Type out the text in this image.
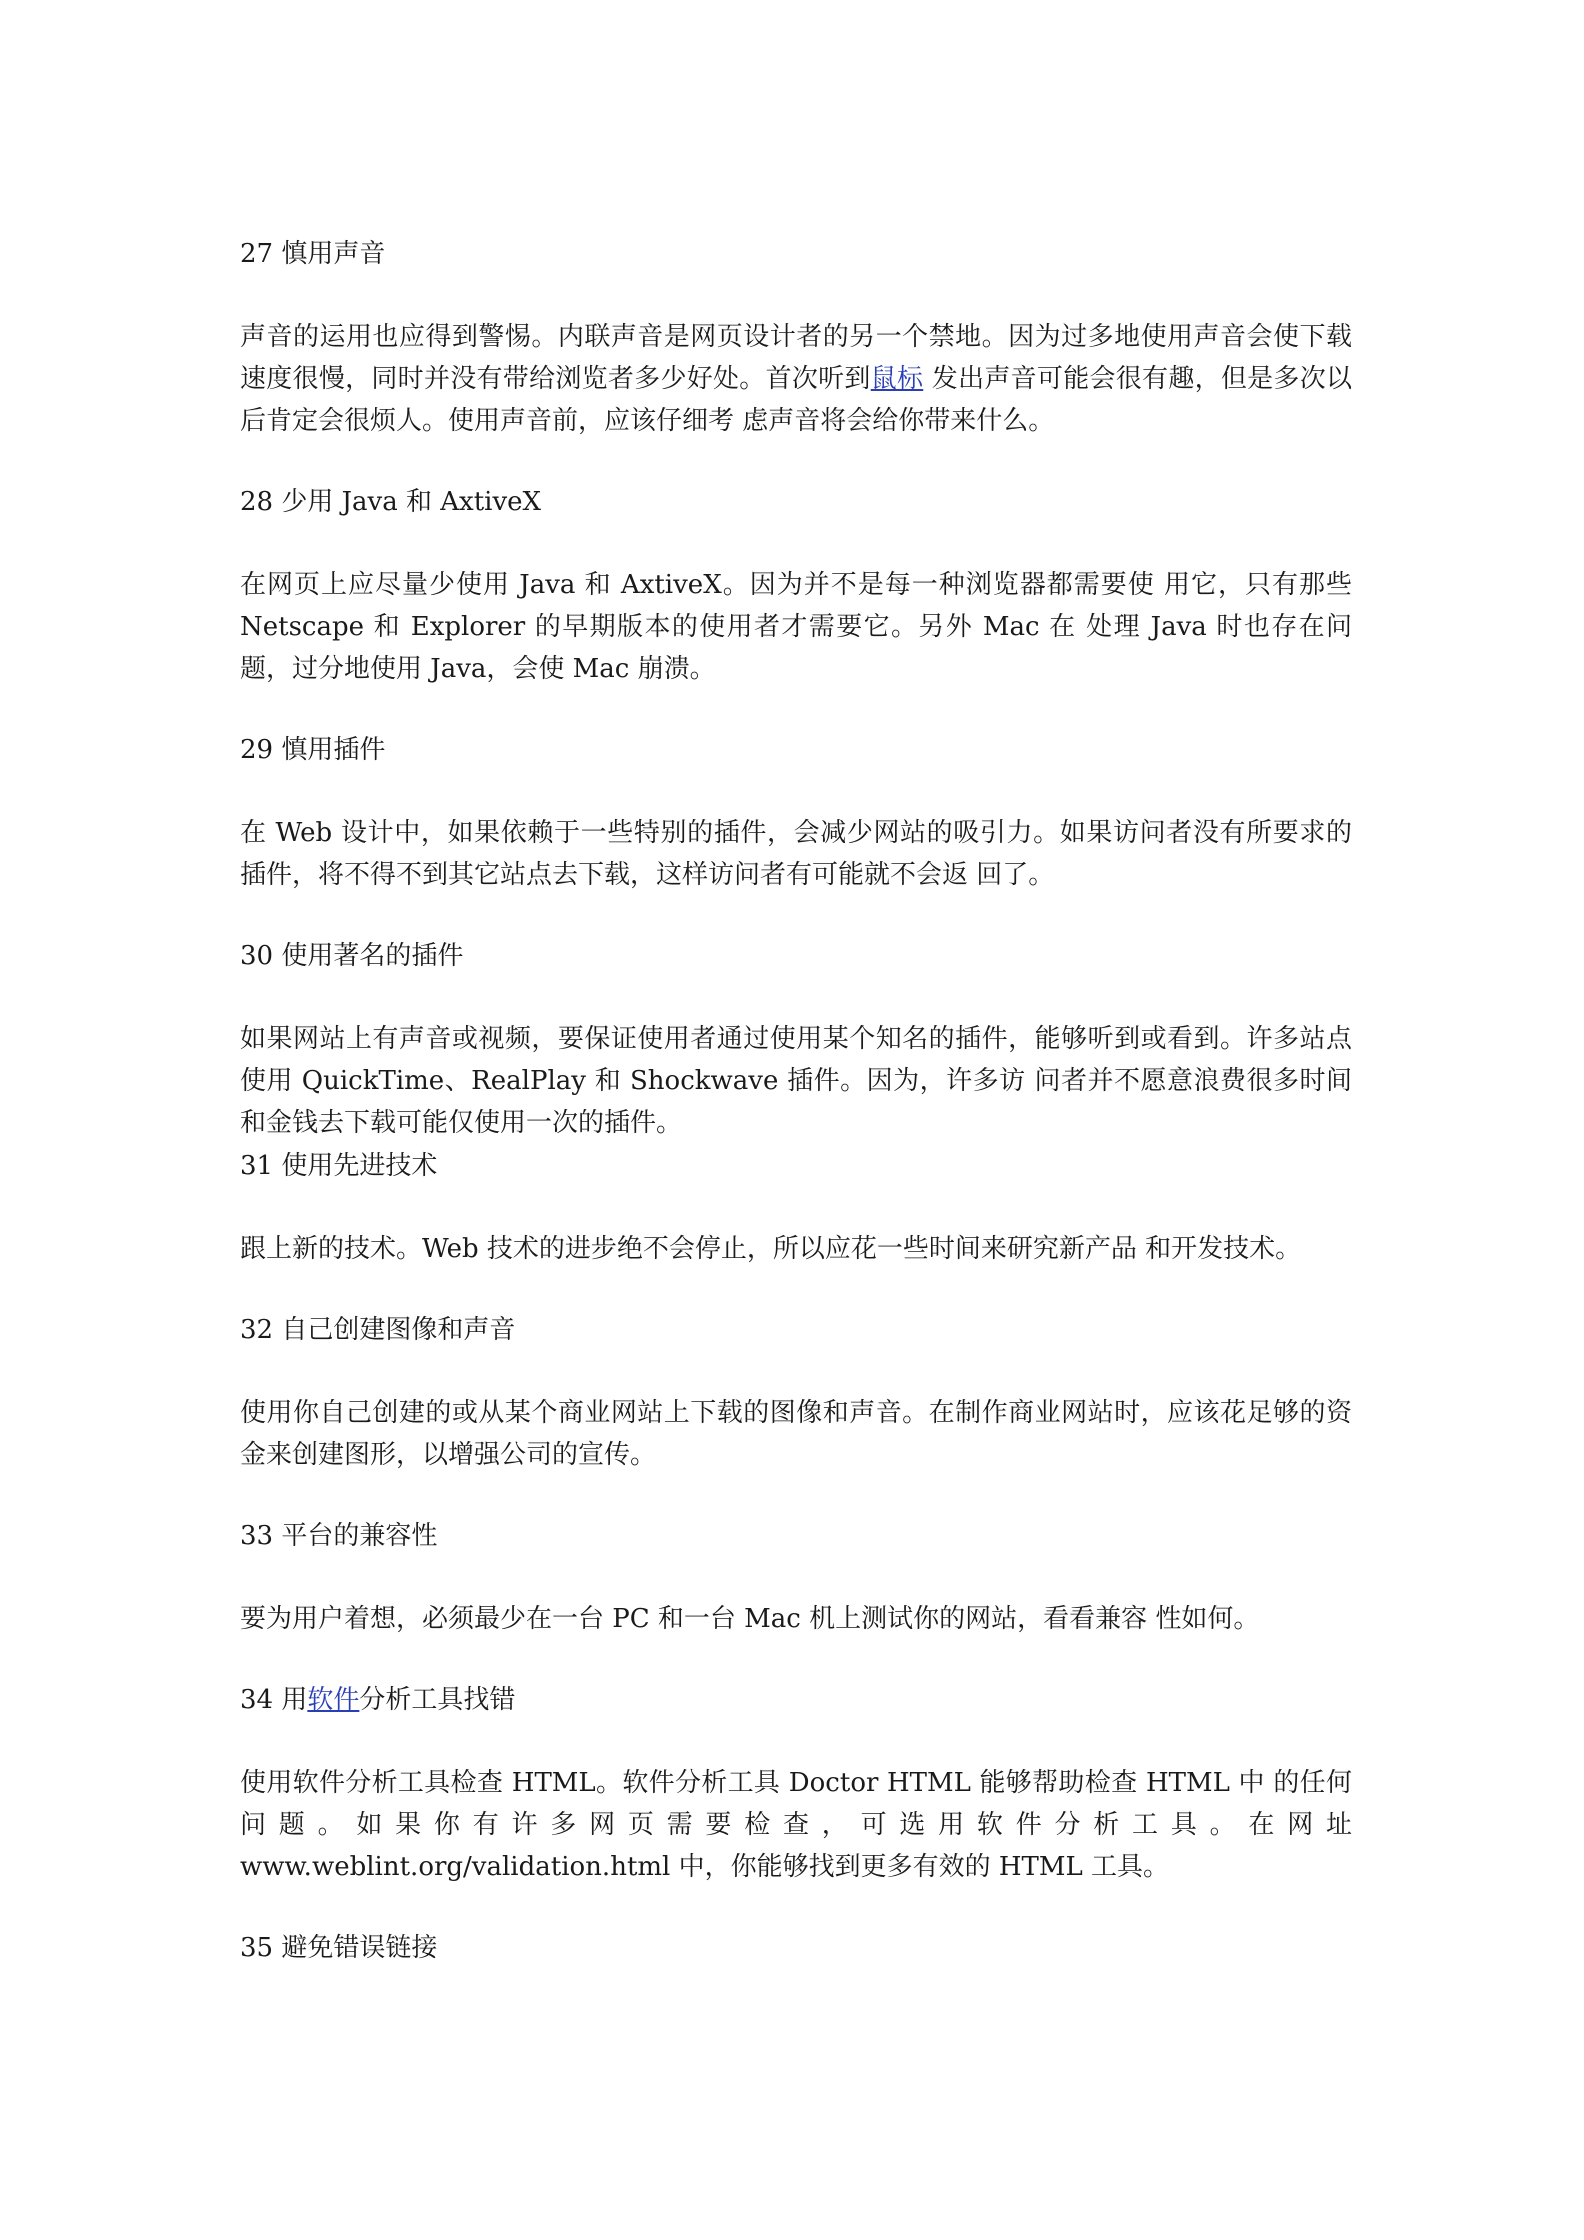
27 慎用声音

声音的运用也应得到警惕。内联声音是网页设计者的另一个禁地。因为过多地使用声音会使下载速度很慢，同时并没有带给浏览者多少好处。首次听到鼠标 发出声音可能会很有趣，但是多次以后肯定会很烦人。使用声音前，应该仔细考 虑声音将会给你带来什么。

28 少用 Java 和 AxtiveX

在网页上应尽量少使用 Java 和 AxtiveX。因为并不是每一种浏览器都需要使 用它，只有那些 Netscape 和 Explorer 的早期版本的使用者才需要它。另外 Mac 在 处理 Java 时也存在问题，过分地使用 Java，会使 Mac 崩溃。

29 慎用插件

在 Web 设计中，如果依赖于一些特别的插件，会减少网站的吸引力。如果访问者没有所要求的插件，将不得不到其它站点去下载，这样访问者有可能就不会返 回了。

30 使用著名的插件

如果网站上有声音或视频，要保证使用者通过使用某个知名的插件，能够听到或看到。许多站点使用 QuickTime、RealPlay 和 Shockwave 插件。因为，许多访 问者并不愿意浪费很多时间和金钱去下载可能仅使用一次的插件。

31 使用先进技术

跟上新的技术。Web 技术的进步绝不会停止，所以应花一些时间来研究新产品 和开发技术。

32 自己创建图像和声音

使用你自己创建的或从某个商业网站上下载的图像和声音。在制作商业网站时，应该花足够的资金来创建图形，以增强公司的宣传。

33 平台的兼容性

要为用户着想，必须最少在一台 PC 和一台 Mac 机上测试你的网站，看看兼容 性如何。

34 用软件分析工具找错

使用软件分析工具检查 HTML。软件分析工具 Doctor HTML 能够帮助检查 HTML 中 的任何问题。如果你有许多网页需要检查，可选用软件分析工具。在网址 www.weblint.org/validation.html 中，你能够找到更多有效的 HTML 工具。

35 避免错误链接
